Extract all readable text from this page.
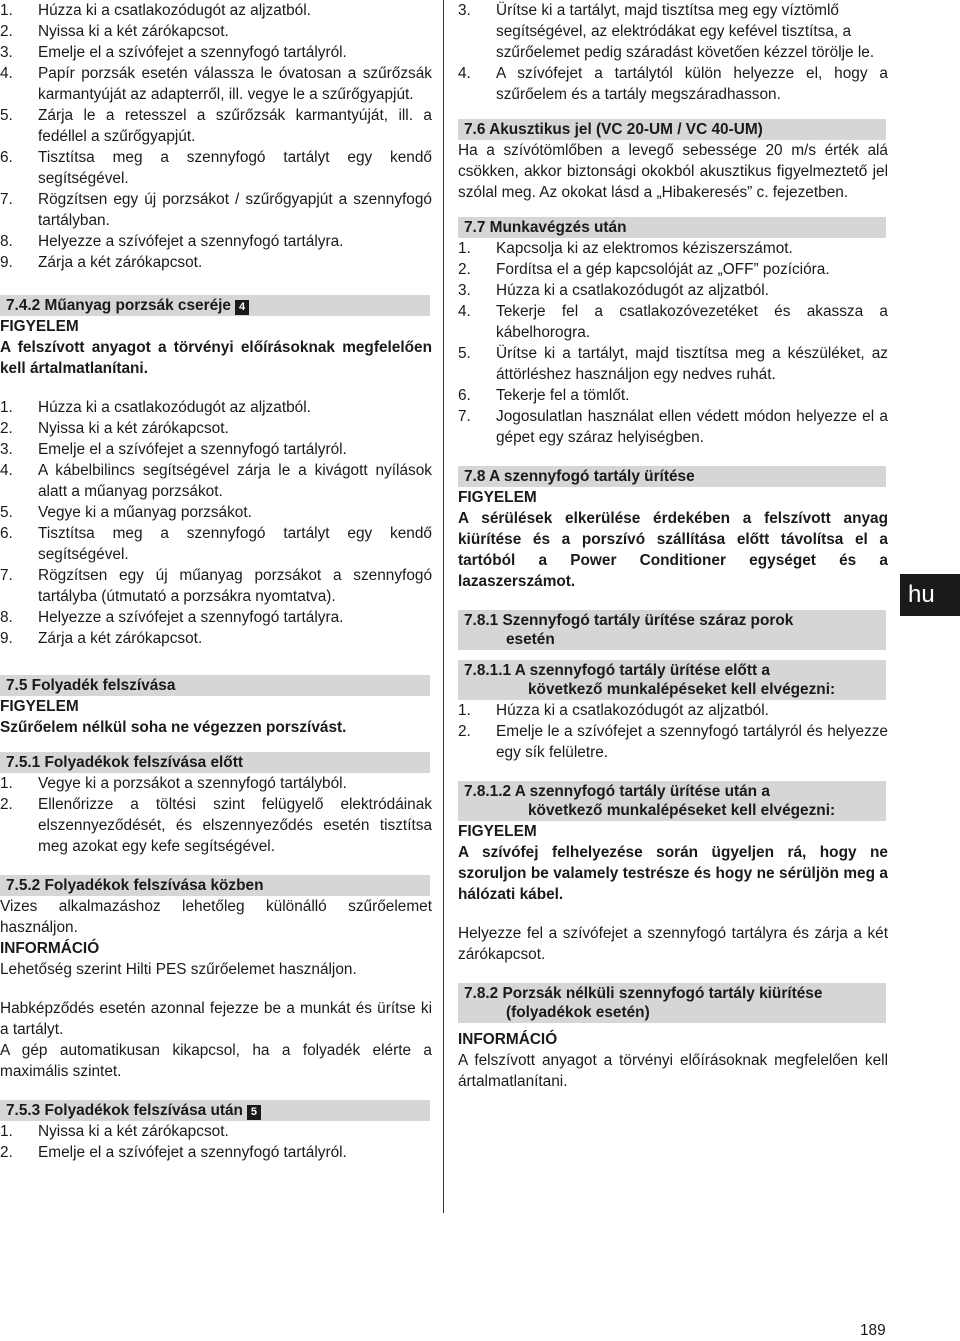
1.	Húzza ki a csatlakozódugót az aljzatból.
2.	Nyissa ki a két zárókapcsot.
3.	Emelje el a szívófejet a szennyfogó tartályról.
4.	Papír porzsák esetén válassza le óvatosan a szűrőzsák karmantyúját az adapterről, ill. vegye le a szűrőgyapjút.
5.	Zárja le a retesszel a szűrőzsák karmantyúját, ill. a fedéllel a szűrőgyapjút.
6.	Tisztítsa meg a szennyfogó tartályt egy kendő segítségével.
7.	Rögzítsen egy új porzsákot / szűrőgyapjút a szennyfogó tartályban.
8.	Helyezze a szívófejet a szennyfogó tartályra.
9.	Zárja a két zárókapcsot.
7.4.2 Műanyag porzsák cseréje 4
FIGYELEM
A felszívott anyagot a törvényi előírásoknak megfelelően kell ártalmatlanítani.
1.	Húzza ki a csatlakozódugót az aljzatból.
2.	Nyissa ki a két zárókapcsot.
3.	Emelje el a szívófejet a szennyfogó tartályról.
4.	A kábelbilincs segítségével zárja le a kivágott nyílások alatt a műanyag porzsákot.
5.	Vegye ki a műanyag porzsákot.
6.	Tisztítsa meg a szennyfogó tartályt egy kendő segítségével.
7.	Rögzítsen egy új műanyag porzsákot a szennyfogó tartályba (útmutató a porzsákra nyomtatva).
8.	Helyezze a szívófejet a szennyfogó tartályra.
9.	Zárja a két zárókapcsot.
7.5 Folyadék felszívása
FIGYELEM
Szűrőelem nélkül soha ne végezzen porszívást.
7.5.1 Folyadékok felszívása előtt
1.	Vegye ki a porzsákot a szennyfogó tartályból.
2.	Ellenőrizze a töltési szint felügyelő elektródáinak elszennyeződését, és elszennyeződés esetén tisztítsa meg azokat egy kefe segítségével.
7.5.2 Folyadékok felszívása közben
Vizes alkalmazáshoz lehetőleg különálló szűrőelemet használjon.
INFORMÁCIÓ
Lehetőség szerint Hilti PES szűrőelemet használjon.
Habképződés esetén azonnal fejezze be a munkát és ürítse ki a tartályt.
A gép automatikusan kikapcsol, ha a folyadék elérte a maximális szintet.
7.5.3 Folyadékok felszívása után 5
1.	Nyissa ki a két zárókapcsot.
2.	Emelje el a szívófejet a szennyfogó tartályról.
3.	Ürítse ki a tartályt, majd tisztítsa meg egy víztömlő segítségével, az elektródákat egy kefével tisztítsa, a szűrőelemet pedig száradást követően kézzel törölje le.
4.	A szívófejet a tartálytól külön helyezze el, hogy a szűrőelem és a tartály megszáradhasson.
7.6 Akusztikus jel (VC 20-UM / VC 40-UM)
Ha a szívótömlőben a levegő sebessége 20 m/s érték alá csökken, akkor biztonsági okokból akusztikus figyelmeztető jel szólal meg. Az okokat lásd a „Hibakeresés” c. fejezetben.
7.7 Munkavégzés után
1.	Kapcsolja ki az elektromos kéziszerszámot.
2.	Fordítsa el a gép kapcsolóját az „OFF” pozícióra.
3.	Húzza ki a csatlakozódugót az aljzatból.
4.	Tekerje fel a csatlakozóvezetéket és akassza a kábelhorogra.
5.	Ürítse ki a tartályt, majd tisztítsa meg a készüléket, az áttörléshez használjon egy nedves ruhát.
6.	Tekerje fel a tömlőt.
7.	Jogosulatlan használat ellen védett módon helyezze el a gépet egy száraz helyiségben.
7.8 A szennyfogó tartály ürítése
FIGYELEM
A sérülések elkerülése érdekében a felszívott anyag kiürítése és a porszívó szállítása előtt távolítsa el a tartóból a Power Conditioner egységet és a lazaszerszámot.
7.8.1 Szennyfogó tartály ürítése száraz porok
esetén
7.8.1.1 A szennyfogó tartály ürítése előtt a
következő munkalépéseket kell elvégezni:
1.	Húzza ki a csatlakozódugót az aljzatból.
2.	Emelje le a szívófejet a szennyfogó tartályról és helyezze egy sík felületre.
7.8.1.2 A szennyfogó tartály ürítése után a
következő munkalépéseket kell elvégezni:
FIGYELEM
A szívófej felhelyezése során ügyeljen rá, hogy ne szoruljon be valamely testrésze és hogy ne sérüljön meg a hálózati kábel.
Helyezze fel a szívófejet a szennyfogó tartályra és zárja a két zárókapcsot.
7.8.2 Porzsák nélküli szennyfogó tartály kiürítése
(folyadékok esetén)
INFORMÁCIÓ
A felszívott anyagot a törvényi előírásoknak megfelelően kell ártalmatlanítani.
hu
189
